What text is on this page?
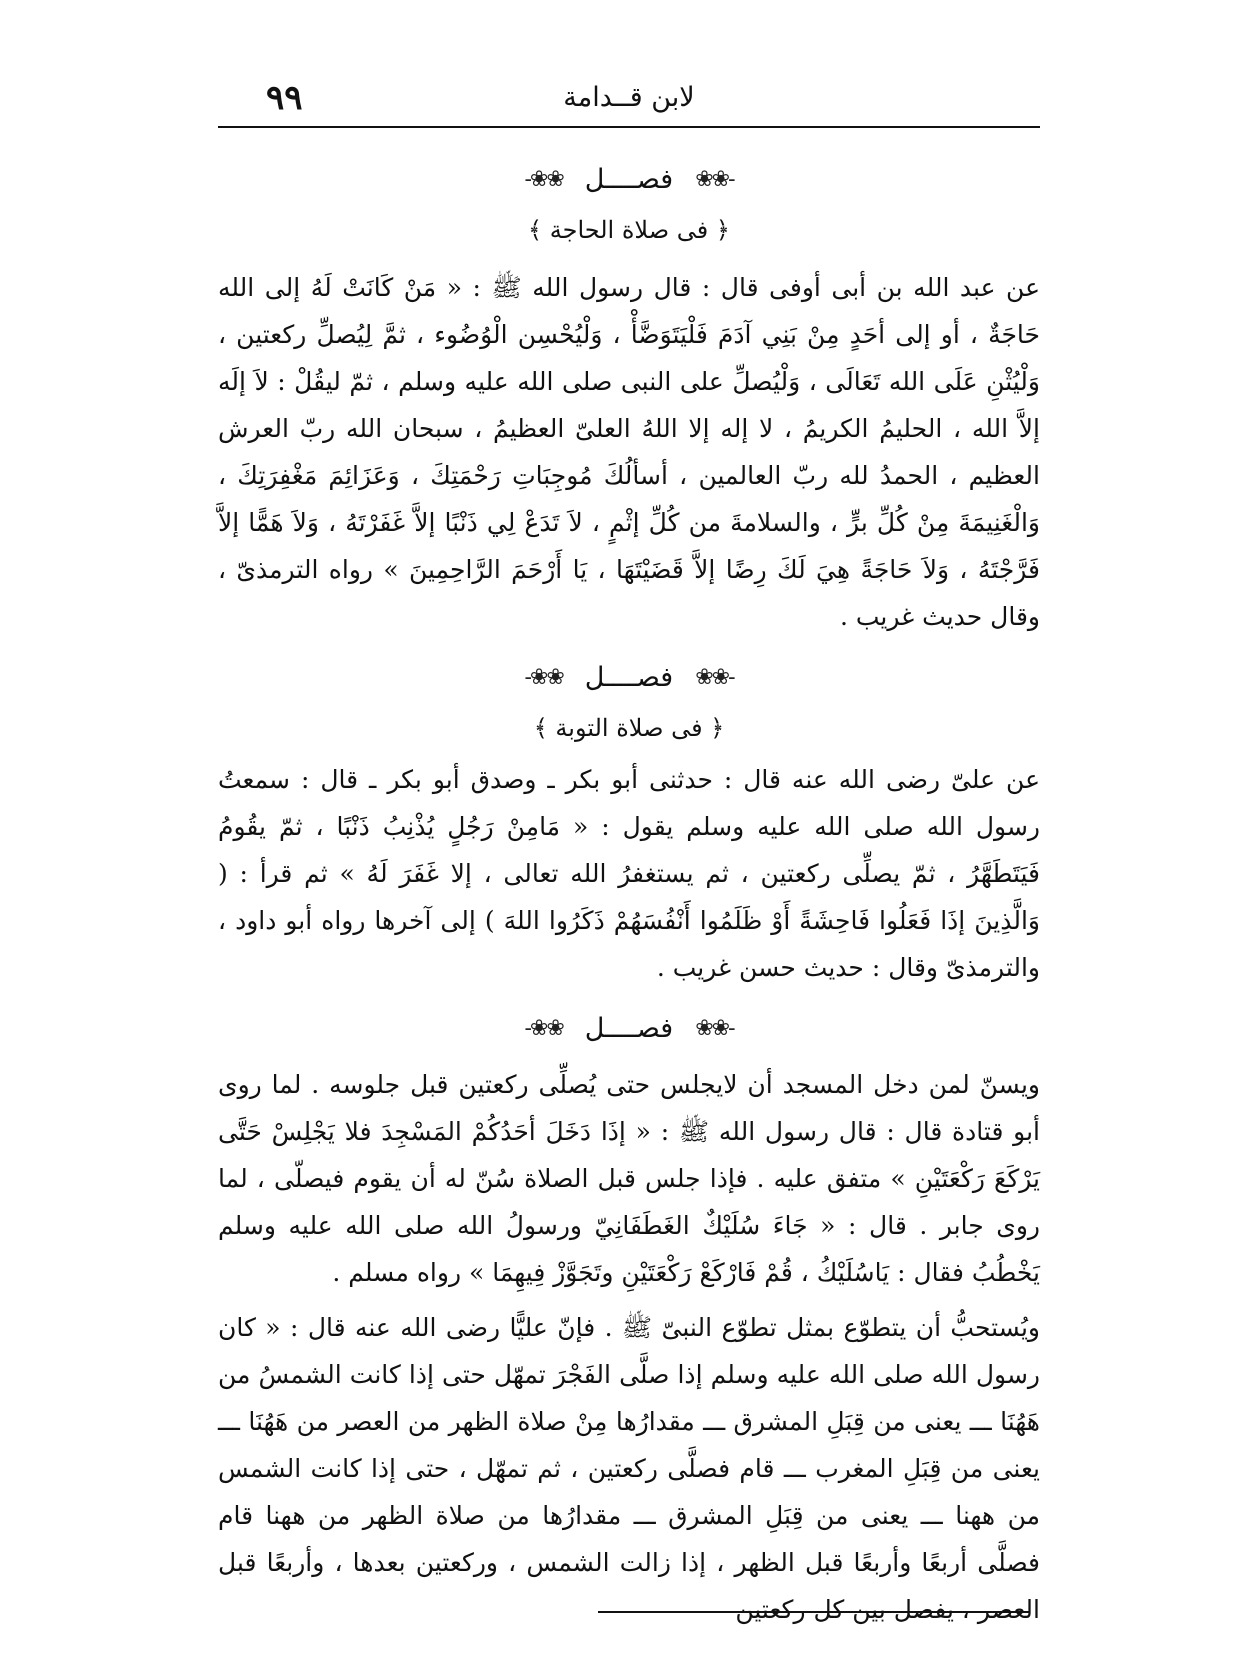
٩٩	لابن قــدامة
-❀❀
فصــــل
❀❀-
﴿ فى صلاة الحاجة ﴾

عن عبد الله بن أبى أوفى قال : قال رسول الله ﷺ : « مَنْ كَانَتْ لَهُ إلى الله حَاجَةٌ ، أو إلى أحَدٍ مِنْ بَنِي آدَمَ فَلْيَتَوَضَّأْ ، وَلْيُحْسِن الْوُضُوء ، ثمَّ لِيُصلِّ ركعتين ، وَلْيُثْنِ عَلَى الله تَعَالَى ، وَلْيُصلِّ على النبى صلى الله عليه وسلم ، ثمّ ليقُلْ : لاَ إلَه إلاَّ الله ، الحليمُ الكريمُ ، لا إله إلا اللهُ العلىّ العظيمُ ، سبحان الله ربّ العرش العظيم ، الحمدُ لله ربّ العالمين ، أسألُكَ مُوجِبَاتِ رَحْمَتِكَ ، وَعَزَائِمَ مَغْفِرَتِكَ ، وَالْغَنِيمَةَ مِنْ كُلِّ برٍّ ، والسلامةَ من كُلِّ إثْمٍ ، لاَ تَدَعْ لِي ذَنْبًا إلاَّ غَفَرْتَهُ ، وَلاَ هَمًّا إلاَّ فَرَّجْتَهُ ، وَلاَ حَاجَةً هِيَ لَكَ رِضًا إلاَّ قَضَيْتَهَا ، يَا أَرْحَمَ الرَّاحِمِينَ » رواه الترمذىّ ، وقال حديث غريب .

-❀❀
فصــــل
❀❀-
﴿ فى صلاة التوبة ﴾

عن علىّ رضى الله عنه قال : حدثنى أبو بكر ـ وصدق أبو بكر ـ قال : سمعتُ رسول الله صلى الله عليه وسلم يقول : « مَامِنْ رَجُلٍ يُذْنِبُ ذَنْبًا ، ثمّ يقُومُ فَيَتَطَهَّرُ ، ثمّ يصلِّى ركعتين ، ثم يستغفرُ الله تعالى ، إلا غَفَرَ لَهُ » ثم قرأ : ( وَالَّذِينَ إذَا فَعَلُوا فَاحِشَةً أَوْ ظَلَمُوا أَنْفُسَهُمْ ذَكَرُوا اللهَ ) إلى آخرها رواه أبو داود ، والترمذىّ وقال : حديث حسن غريب .

-❀❀
فصــــل
❀❀-

ويسنّ لمن دخل المسجد أن لايجلس حتى يُصلِّى ركعتين قبل جلوسه . لما روى أبو قتادة قال : قال رسول الله ﷺ : « إذَا دَخَلَ أحَدُكُمْ المَسْجِدَ فلا يَجْلِسْ حَتَّى يَرْكَعَ رَكْعَتَيْنِ » متفق عليه . فإذا جلس قبل الصلاة سُنّ له أن يقوم فيصلّى ، لما روى جابر . قال : « جَاءَ سُلَيْكٌ الغَطَفَانِيّ ورسولُ الله صلى الله عليه وسلم يَخْطُبُ فقال : يَاسُلَيْكُ ، قُمْ فَارْكَعْ رَكْعَتَيْنِ وتَجَوَّزْ فِيهِمَا » رواه مسلم .

ويُستحبُّ أن يتطوّع بمثل تطوّع النبىّ ﷺ . فإنّ عليًّا رضى الله عنه قال : « كان رسول الله صلى الله عليه وسلم إذا صلَّى الفَجْرَ تمهّل حتى إذا كانت الشمسُ من هَهُنَا ـــ يعنى من قِبَلِ المشرق ـــ مقدارُها مِنْ صلاة الظهر من العصر من هَهُنَا ـــ يعنى من قِبَلِ المغرب ـــ قام فصلَّى ركعتين ، ثم تمهّل ، حتى إذا كانت الشمس من ههنا ـــ يعنى من قِبَلِ المشرق ـــ مقدارُها من صلاة الظهر من ههنا قام فصلَّى أربعًا وأربعًا قبل الظهر ، إذا زالت الشمس ، وركعتين بعدها ، وأربعًا قبل العصر ، يفصل بين كل ركعتين
